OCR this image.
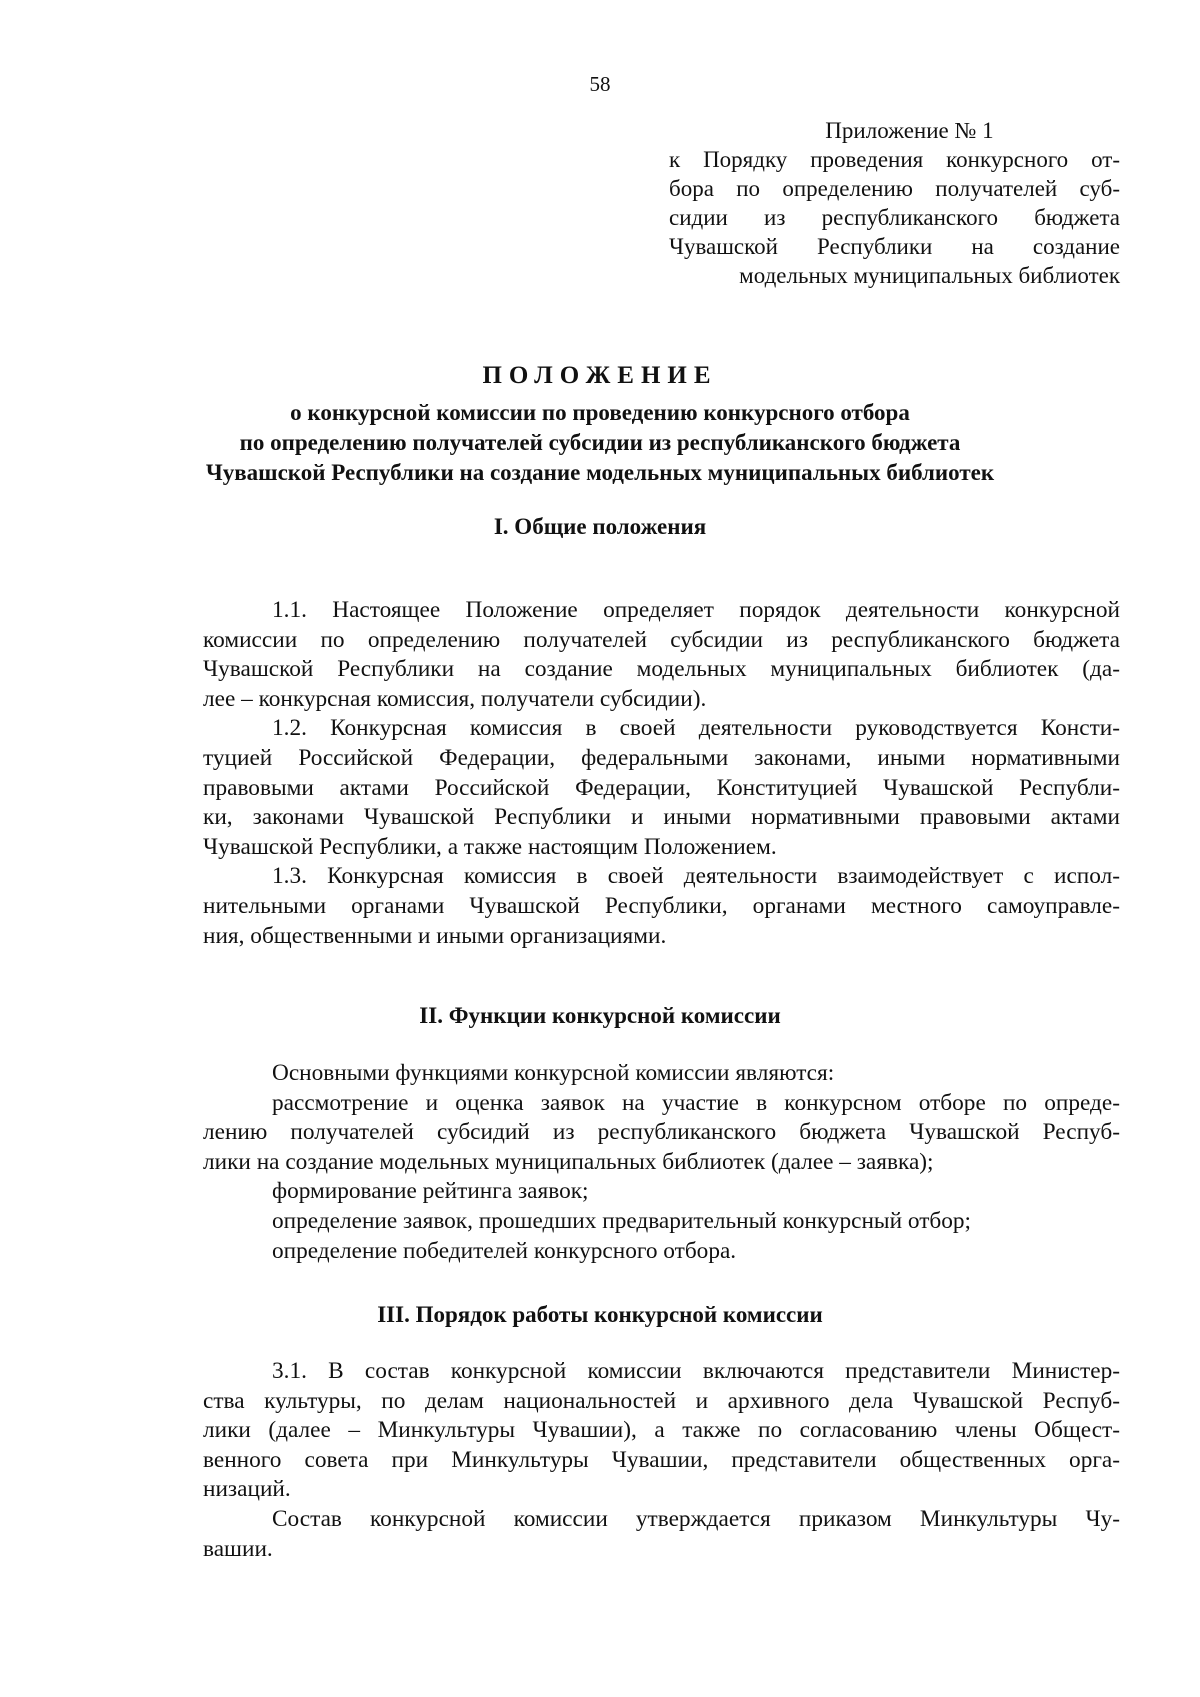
58
Приложение № 1
к Порядку проведения конкурсного от-
бора по определению получателей суб-
сидии из республиканского бюджета
Чувашской Республики на создание
модельных муниципальных библиотек
ПОЛОЖЕНИЕ
о конкурсной комиссии по проведению конкурсного отбора
по определению получателей субсидии из республиканского бюджета
Чувашской Республики на создание модельных муниципальных библиотек
I. Общие положения
1.1. Настоящее Положение определяет порядок деятельности конкурсной
комиссии по определению получателей субсидии из республиканского бюджета
Чувашской Республики на создание модельных муниципальных библиотек (да-
лее – конкурсная комиссия, получатели субсидии).
1.2. Конкурсная комиссия в своей деятельности руководствуется Консти-
туцией Российской Федерации, федеральными законами, иными нормативными
правовыми актами Российской Федерации, Конституцией Чувашской Республи-
ки, законами Чувашской Республики и иными нормативными правовыми актами
Чувашской Республики, а также настоящим Положением.
1.3. Конкурсная комиссия в своей деятельности взаимодействует с испол-
нительными органами Чувашской Республики, органами местного самоуправле-
ния, общественными и иными организациями.
II. Функции конкурсной комиссии
Основными функциями конкурсной комиссии являются:
рассмотрение и оценка заявок на участие в конкурсном отборе по опреде-
лению получателей субсидий из республиканского бюджета Чувашской Респуб-
лики на создание модельных муниципальных библиотек (далее – заявка);
формирование рейтинга заявок;
определение заявок, прошедших предварительный конкурсный отбор;
определение победителей конкурсного отбора.
III. Порядок работы конкурсной комиссии
3.1. В состав конкурсной комиссии включаются представители Министер-
ства культуры, по делам национальностей и архивного дела Чувашской Респуб-
лики (далее – Минкультуры Чувашии), а также по согласованию члены Общест-
венного совета при Минкультуры Чувашии, представители общественных орга-
низаций.
Состав конкурсной комиссии утверждается приказом Минкультуры Чу-
вашии.
